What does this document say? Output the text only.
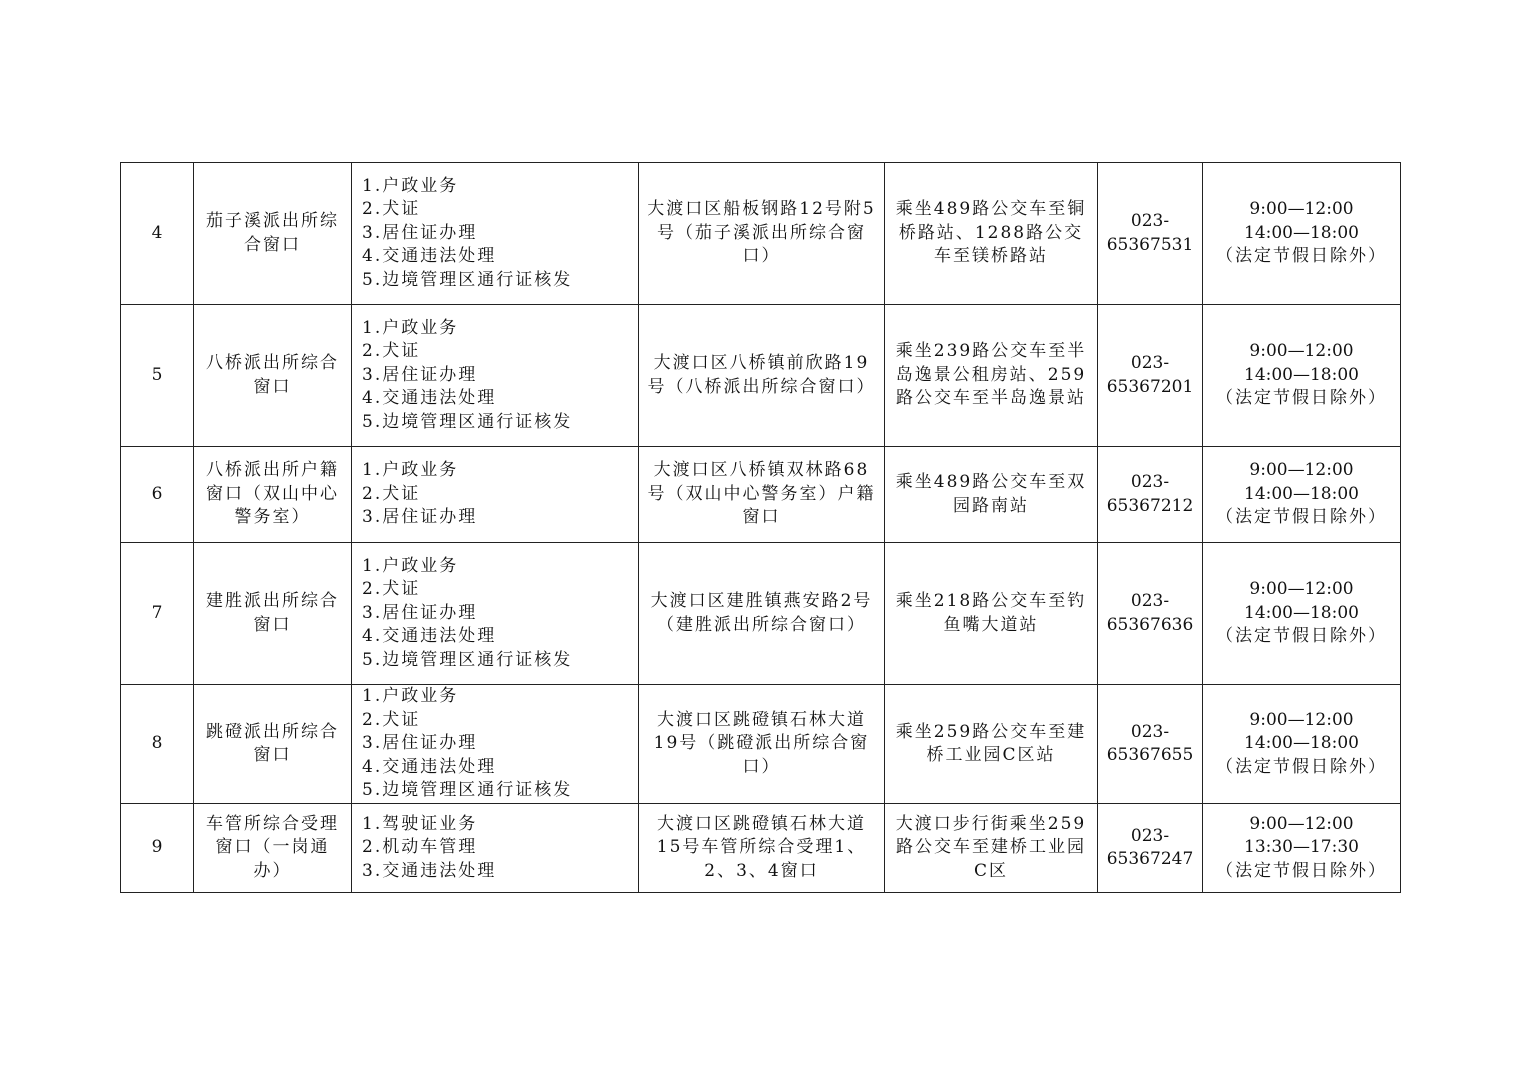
4	茄子溪派出所综合窗口	1.户政业务
2.犬证
3.居住证办理
4.交通违法处理
5.边境管理区通行证核发	大渡口区船板钢路12号附5号（茄子溪派出所综合窗口）	乘坐489路公交车至铜桥路站、1288路公交车至镁桥路站	023-65367531	9:00—12:00
14:00—18:00
（法定节假日除外）

5	八桥派出所综合窗口	1.户政业务
2.犬证
3.居住证办理
4.交通违法处理
5.边境管理区通行证核发	大渡口区八桥镇前欣路19号（八桥派出所综合窗口）	乘坐239路公交车至半岛逸景公租房站、259路公交车至半岛逸景站	023-65367201	9:00—12:00
14:00—18:00
（法定节假日除外）

6	八桥派出所户籍窗口（双山中心警务室）	1.户政业务
2.犬证
3.居住证办理	大渡口区八桥镇双林路68号（双山中心警务室）户籍窗口	乘坐489路公交车至双园路南站	023-65367212	9:00—12:00
14:00—18:00
（法定节假日除外）

7	建胜派出所综合窗口	1.户政业务
2.犬证
3.居住证办理
4.交通违法处理
5.边境管理区通行证核发	大渡口区建胜镇燕安路2号（建胜派出所综合窗口）	乘坐218路公交车至钓鱼嘴大道站	023-65367636	9:00—12:00
14:00—18:00
（法定节假日除外）

8	跳磴派出所综合窗口	1.户政业务
2.犬证
3.居住证办理
4.交通违法处理
5.边境管理区通行证核发	大渡口区跳磴镇石林大道19号（跳磴派出所综合窗口）	乘坐259路公交车至建桥工业园C区站	023-65367655	9:00—12:00
14:00—18:00
（法定节假日除外）

9	车管所综合受理窗口（一岗通办）	1.驾驶证业务
2.机动车管理
3.交通违法处理	大渡口区跳磴镇石林大道15号车管所综合受理1、2、3、4窗口	大渡口步行街乘坐259路公交车至建桥工业园C区	023-65367247	9:00—12:00
13:30—17:30
（法定节假日除外）
